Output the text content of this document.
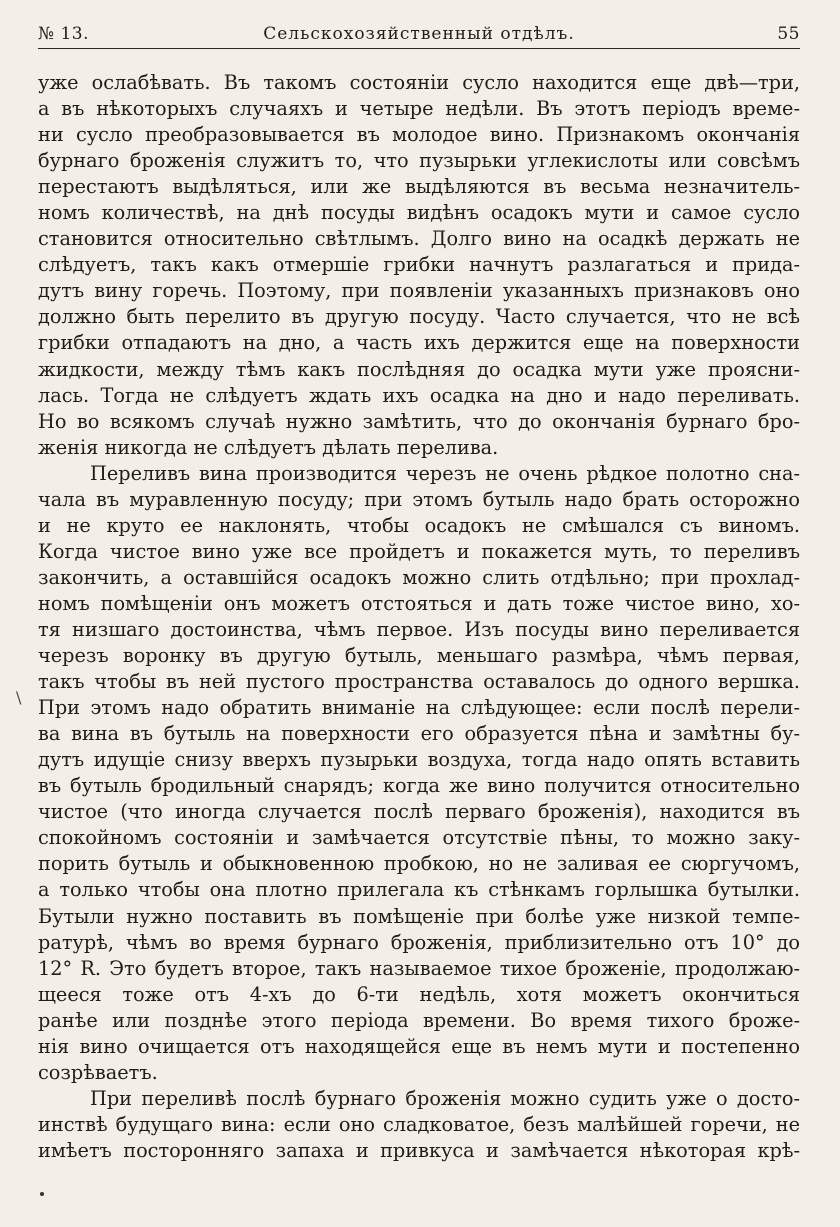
№ 13.	Сельскохозяйственный отдѣлъ.	55
\
уже ослабѣвать. Въ такомъ состоянiи сусло находится еще двѣ—три,
а въ нѣкоторыхъ случаяхъ и четыре недѣли. Въ этотъ перiодъ време-
ни сусло преобразовывается въ молодое вино. Признакомъ окончанiя
бурнаго броженiя служитъ то, что пузырьки углекислоты или совсѣмъ
перестаютъ выдѣляться, или же выдѣляются въ весьма незначитель-
номъ количествѣ, на днѣ посуды видѣнъ осадокъ мути и самое сусло
становится относительно свѣтлымъ. Долго вино на осадкѣ держать не
слѣдуетъ, такъ какъ отмершiе грибки начнутъ разлагаться и прида-
дутъ вину горечь. Поэтому, при появленiи указанныхъ признаковъ оно
должно быть перелито въ другую посуду. Часто случается, что не всѣ
грибки отпадаютъ на дно, а часть ихъ держится еще на поверхности
жидкости, между тѣмъ какъ послѣдняя до осадка мути уже проясни-
лась. Тогда не слѣдуетъ ждать ихъ осадка на дно и надо переливать.
Но во всякомъ случаѣ нужно замѣтить, что до окончанiя бурнаго бро-
женiя никогда не слѣдуетъ дѣлать перелива.
Переливъ вина производится черезъ не очень рѣдкое полотно сна-
чала въ муравленную посуду; при этомъ бутыль надо брать осторожно
и не круто ее наклонять, чтобы осадокъ не смѣшался съ виномъ.
Когда чистое вино уже все пройдетъ и покажется муть, то переливъ
закончить, а оставшiйся осадокъ можно слить отдѣльно; при прохлад-
номъ помѣщенiи онъ можетъ отстояться и дать тоже чистое вино, хо-
тя низшаго достоинства, чѣмъ первое. Изъ посуды вино переливается
черезъ воронку въ другую бутыль, меньшаго размѣра, чѣмъ первая,
такъ чтобы въ ней пустого пространства оставалось до одного вершка.
При этомъ надо обратить вниманiе на слѣдующее: если послѣ перели-
ва вина въ бутыль на поверхности его образуется пѣна и замѣтны бу-
дутъ идущiе снизу вверхъ пузырьки воздуха, тогда надо опять вставить
въ бутыль бродильный снарядъ; когда же вино получится относительно
чистое (что иногда случается послѣ перваго броженiя), находится въ
спокойномъ состоянiи и замѣчается отсутствiе пѣны, то можно заку-
порить бутыль и обыкновенною пробкою, но не заливая ее сюргучомъ,
а только чтобы она плотно прилегала къ стѣнкамъ горлышка бутылки.
Бутыли нужно поставить въ помѣщенiе при болѣе уже низкой темпе-
ратурѣ, чѣмъ во время бурнаго броженiя, приблизительно отъ 10° до
12° R. Это будетъ второе, такъ называемое тихое броженiе, продолжаю-
щееся тоже отъ 4-хъ до 6-ти недѣль, хотя можетъ окончиться
ранѣе или позднѣе этого перiода времени. Во время тихого броже-
нiя вино очищается отъ находящейся еще въ немъ мути и постепенно
созрѣваетъ.
При переливѣ послѣ бурнаго броженiя можно судить уже о досто-
инствѣ будущаго вина: если оно сладковатое, безъ малѣйшей горечи, не
имѣетъ посторонняго запаха и привкуса и замѣчается нѣкоторая крѣ-
